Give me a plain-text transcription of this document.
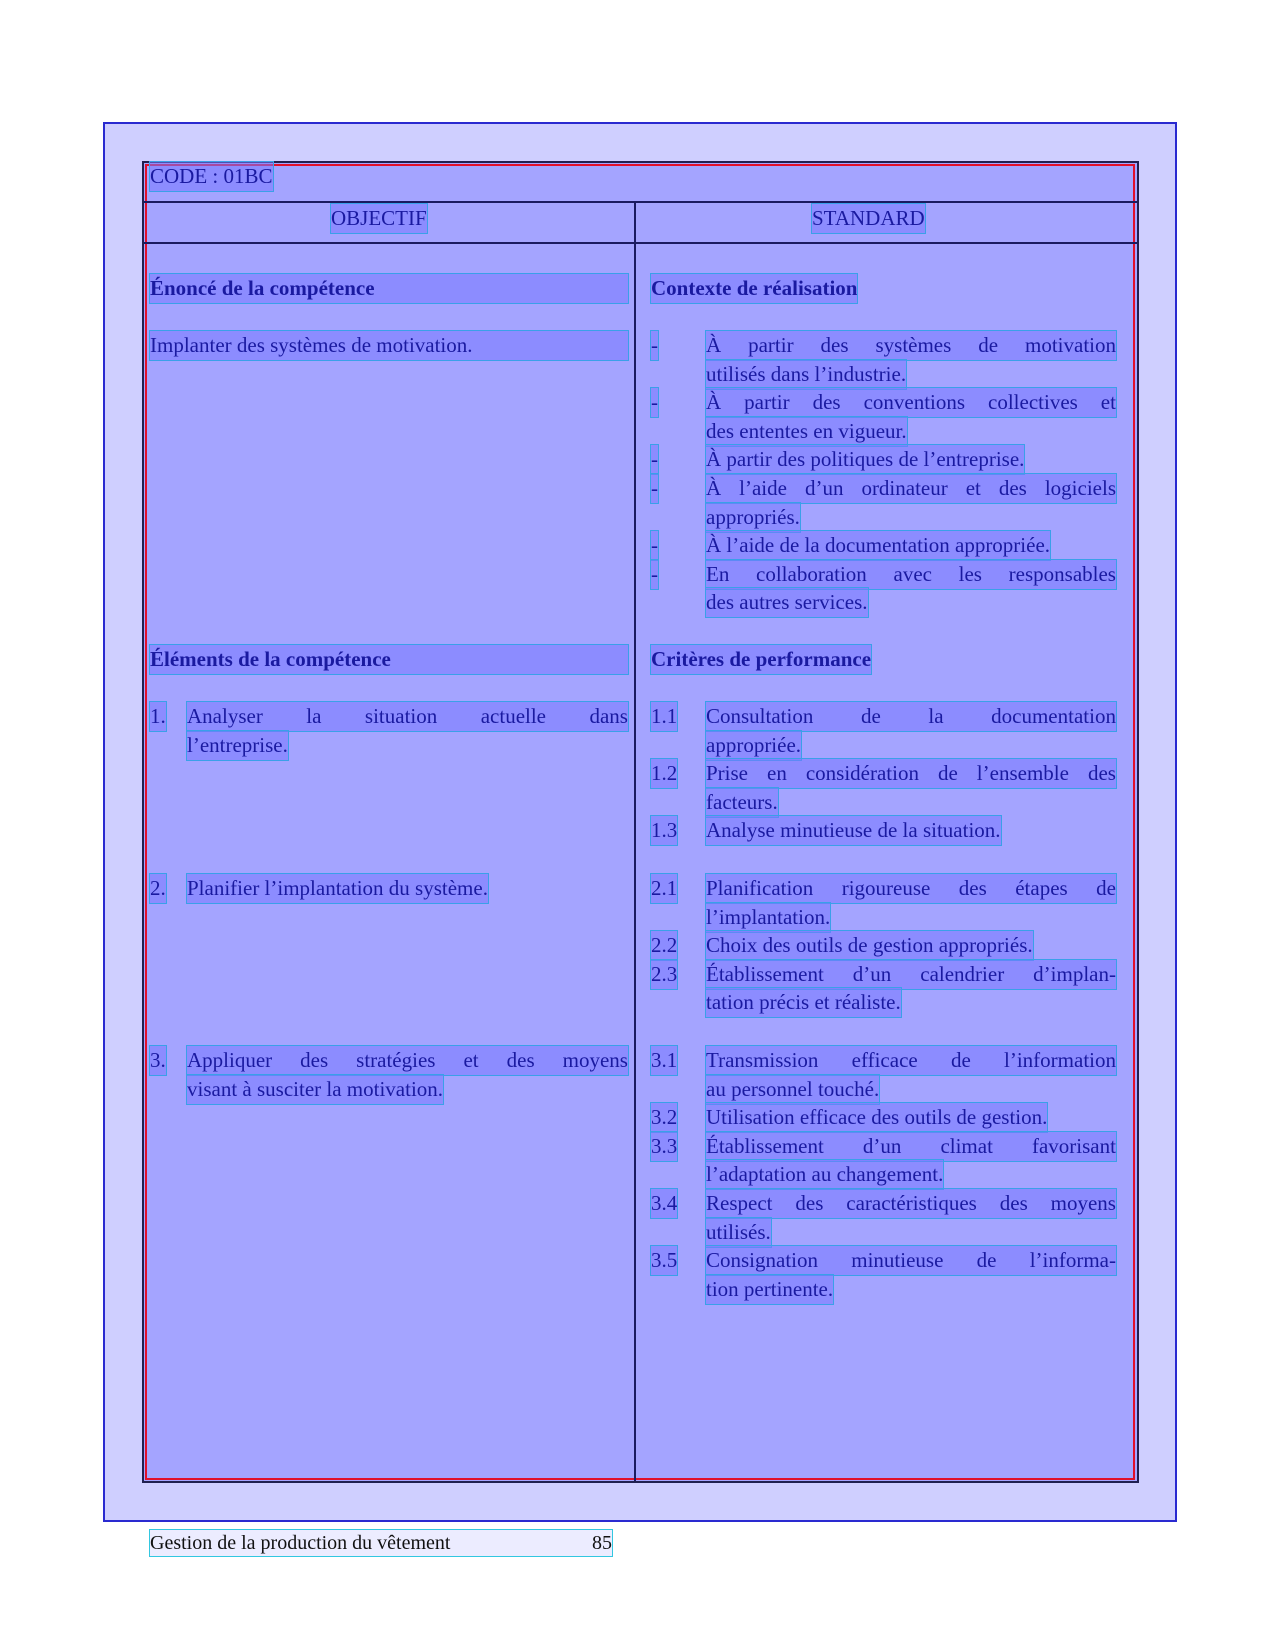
CODE : 01BC
OBJECTIF	STANDARD
Énoncé de la compétence
Implanter des systèmes de motivation.
Éléments de la compétence
1. Analyser la situation actuelle dans
l’entreprise.
2. Planifier l’implantation du système.
3. Appliquer des stratégies et des moyens
visant à susciter la motivation.
Contexte de réalisation
- À partir des systèmes de motivation
utilisés dans l’industrie.
- À partir des conventions collectives et
des ententes en vigueur.
- À partir des politiques de l’entreprise.
- À l’aide d’un ordinateur et des logiciels
appropriés.
- À l’aide de la documentation appropriée.
- En collaboration avec les responsables
des autres services.
Critères de performance
1.1 Consultation de la documentation
appropriée.
1.2 Prise en considération de l’ensemble des
facteurs.
1.3 Analyse minutieuse de la situation.
2.1 Planification rigoureuse des étapes de
l’implantation.
2.2 Choix des outils de gestion appropriés.
2.3 Établissement d’un calendrier d’implan-
tation précis et réaliste.
3.1 Transmission efficace de l’information
au personnel touché.
3.2 Utilisation efficace des outils de gestion.
3.3 Établissement d’un climat favorisant
l’adaptation au changement.
3.4 Respect des caractéristiques des moyens
utilisés.
3.5 Consignation minutieuse de l’informa-
tion pertinente.
Gestion de la production du vêtement	85
